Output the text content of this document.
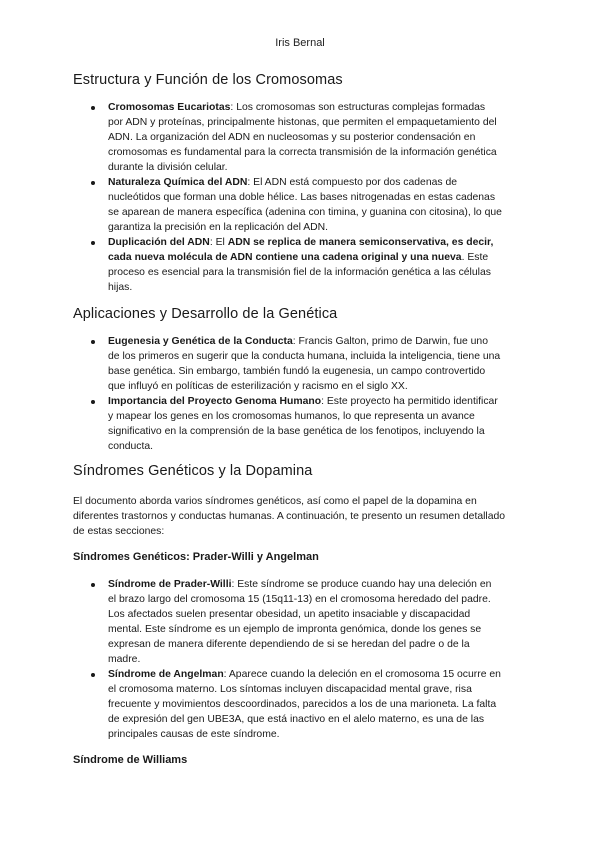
Iris Bernal
Estructura y Función de los Cromosomas
Cromosomas Eucariotas: Los cromosomas son estructuras complejas formadas por ADN y proteínas, principalmente histonas, que permiten el empaquetamiento del ADN. La organización del ADN en nucleosomas y su posterior condensación en cromosomas es fundamental para la correcta transmisión de la información genética durante la división celular.
Naturaleza Química del ADN: El ADN está compuesto por dos cadenas de nucleótidos que forman una doble hélice. Las bases nitrogenadas en estas cadenas se aparean de manera específica (adenina con timina, y guanina con citosina), lo que garantiza la precisión en la replicación del ADN.
Duplicación del ADN: El ADN se replica de manera semiconservativa, es decir, cada nueva molécula de ADN contiene una cadena original y una nueva. Este proceso es esencial para la transmisión fiel de la información genética a las células hijas.
Aplicaciones y Desarrollo de la Genética
Eugenesia y Genética de la Conducta: Francis Galton, primo de Darwin, fue uno de los primeros en sugerir que la conducta humana, incluida la inteligencia, tiene una base genética. Sin embargo, también fundó la eugenesia, un campo controvertido que influyó en políticas de esterilización y racismo en el siglo XX.
Importancia del Proyecto Genoma Humano: Este proyecto ha permitido identificar y mapear los genes en los cromosomas humanos, lo que representa un avance significativo en la comprensión de la base genética de los fenotipos, incluyendo la conducta.
Síndromes Genéticos y la Dopamina

El documento aborda varios síndromes genéticos, así como el papel de la dopamina en diferentes trastornos y conductas humanas. A continuación, te presento un resumen detallado de estas secciones:

Síndromes Genéticos: Prader-Willi y Angelman
Síndrome de Prader-Willi: Este síndrome se produce cuando hay una deleción en el brazo largo del cromosoma 15 (15q11-13) en el cromosoma heredado del padre. Los afectados suelen presentar obesidad, un apetito insaciable y discapacidad mental. Este síndrome es un ejemplo de impronta genómica, donde los genes se expresan de manera diferente dependiendo de si se heredan del padre o de la madre.
Síndrome de Angelman: Aparece cuando la deleción en el cromosoma 15 ocurre en el cromosoma materno. Los síntomas incluyen discapacidad mental grave, risa frecuente y movimientos descoordinados, parecidos a los de una marioneta. La falta de expresión del gen UBE3A, que está inactivo en el alelo materno, es una de las principales causas de este síndrome.
Síndrome de Williams
